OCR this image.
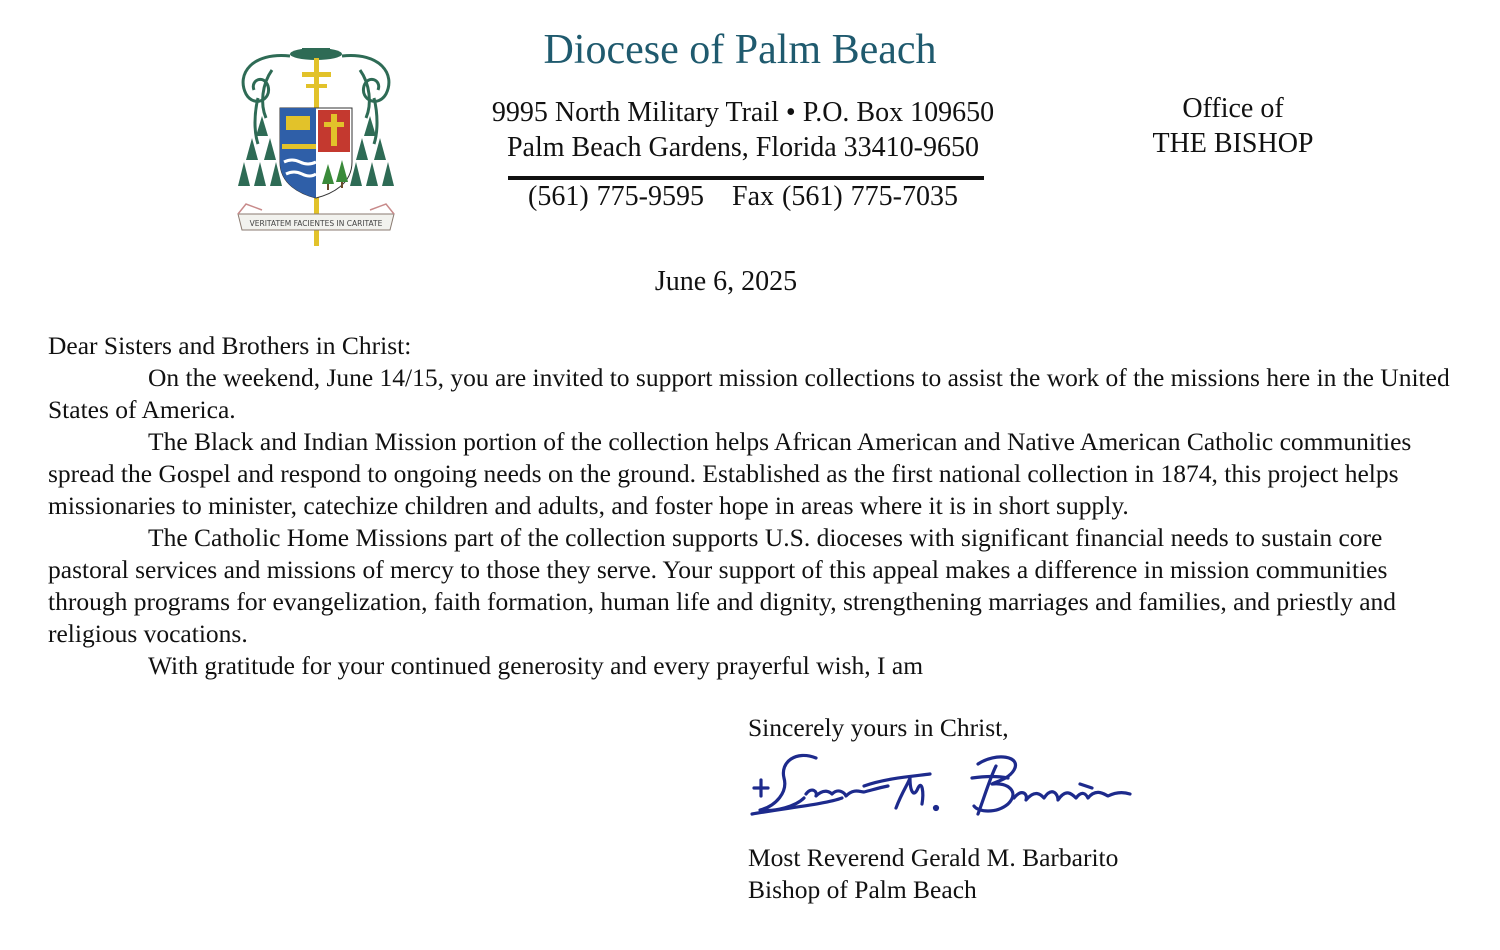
VERITATEM FACIENTES IN CARITATE
Diocese of Palm Beach
9995 North Military Trail • P.O. Box 109650
Palm Beach Gardens, Florida 33410-9650
(561) 775-9595 Fax (561) 775-7035
Office of
THE BISHOP
June 6, 2025

Dear Sisters and Brothers in Christ:

On the weekend, June 14/15, you are invited to support mission collections to assist the work of the missions here in the United States of America.

The Black and Indian Mission portion of the collection helps African American and Native American Catholic communities spread the Gospel and respond to ongoing needs on the ground. Established as the first national collection in 1874, this project helps missionaries to minister, catechize children and adults, and foster hope in areas where it is in short supply.

The Catholic Home Missions part of the collection supports U.S. dioceses with significant financial needs to sustain core pastoral services and missions of mercy to those they serve. Your support of this appeal makes a difference in mission communities through programs for evangelization, faith formation, human life and dignity, strengthening marriages and families, and priestly and religious vocations.

With gratitude for your continued generosity and every prayerful wish, I am

Sincerely yours in Christ,
Most Reverend Gerald M. Barbarito
Bishop of Palm Beach
